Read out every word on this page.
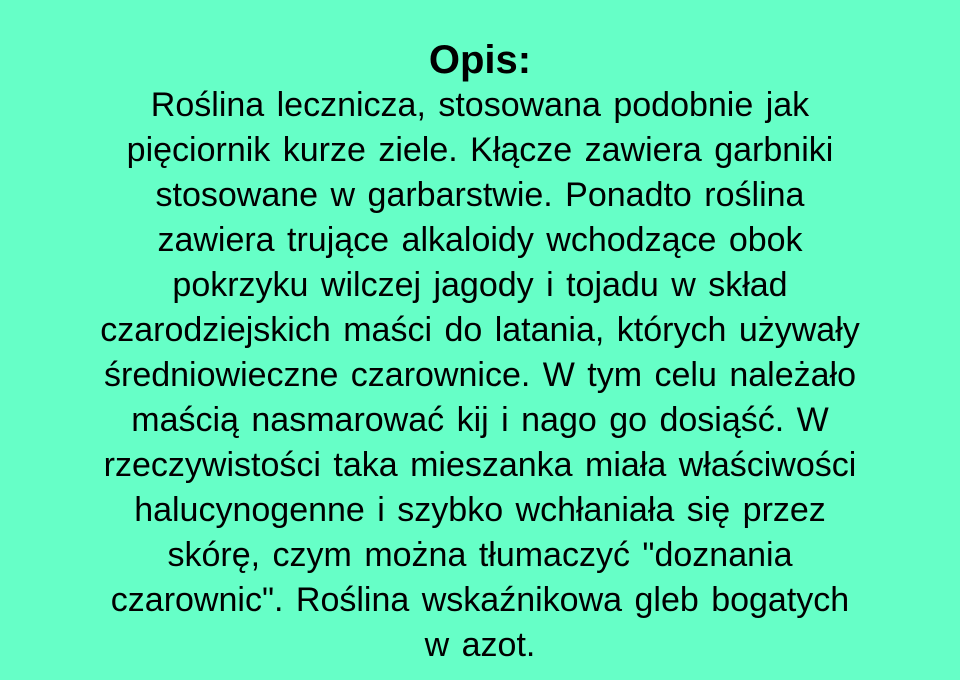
Opis:
Roślina lecznicza, stosowana podobnie jak
pięciornik kurze ziele. Kłącze zawiera garbniki
stosowane w garbarstwie. Ponadto roślina
zawiera trujące alkaloidy wchodzące obok
pokrzyku wilczej jagody i tojadu w skład
czarodziejskich maści do latania, których używały
średniowieczne czarownice. W tym celu należało
maścią nasmarować kij i nago go dosiąść. W
rzeczywistości taka mieszanka miała właściwości
halucynogenne i szybko wchłaniała się przez
skórę, czym można tłumaczyć "doznania
czarownic". Roślina wskaźnikowa gleb bogatych
w azot.
